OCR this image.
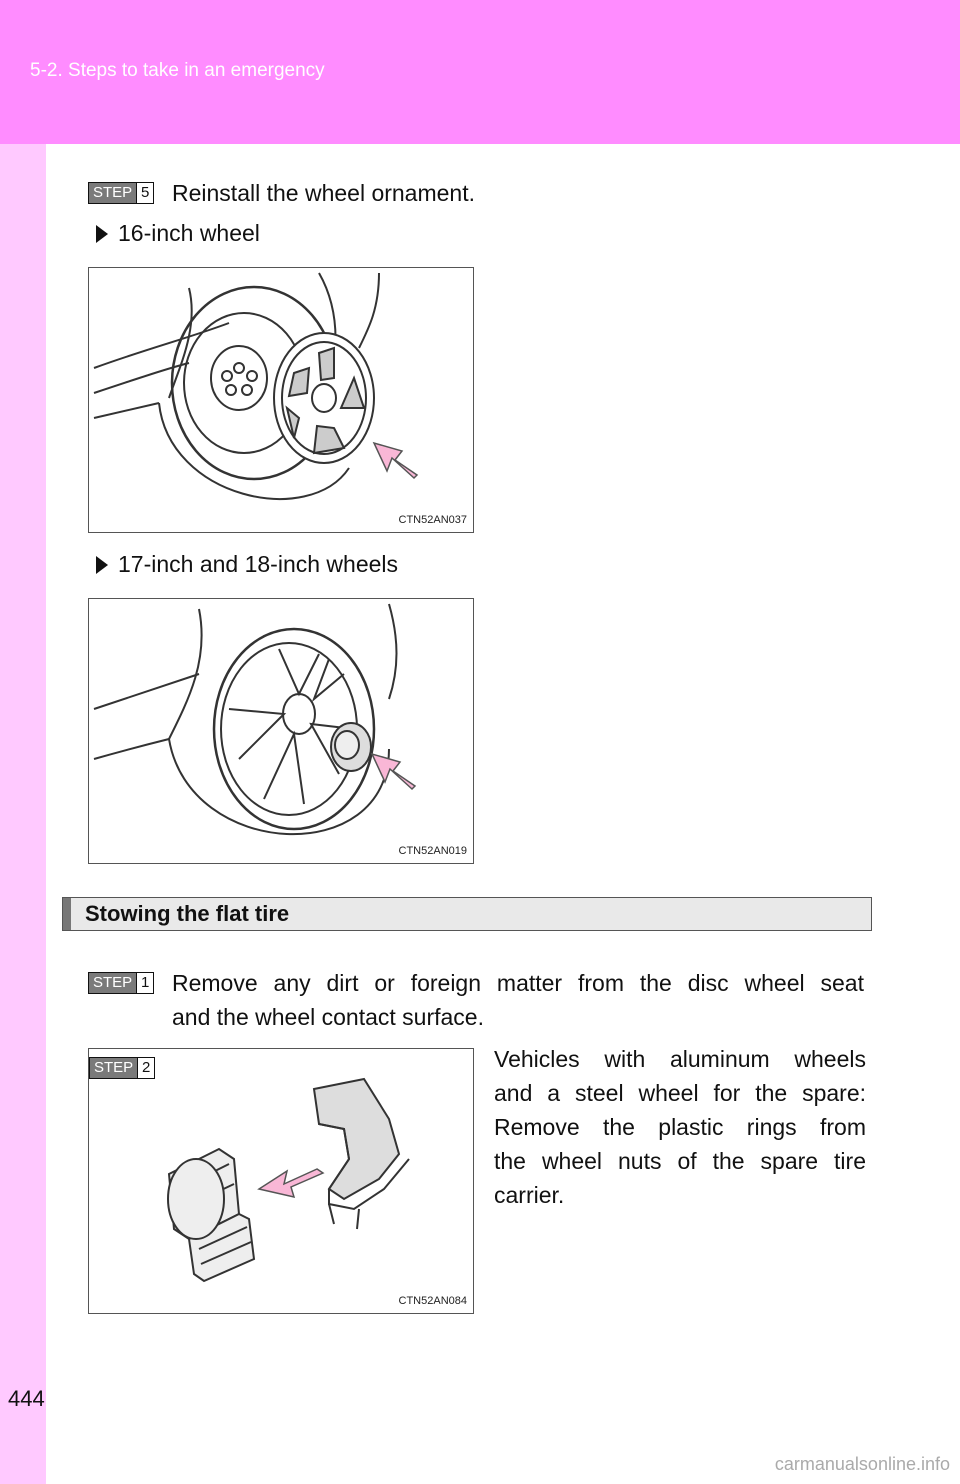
5-2. Steps to take in an emergency
STEP 5 Reinstall the wheel ornament.
16-inch wheel
CTN52AN037
17-inch and 18-inch wheels
CTN52AN019
Stowing the flat tire
STEP 1 Remove any dirt or foreign matter from the disc wheel seat
and the wheel contact surface.
STEP 2
CTN52AN084
Vehicles with aluminum wheels
and a steel wheel for the spare:
Remove the plastic rings from
the wheel nuts of the spare tire
carrier.
444
carmanualsonline.info
